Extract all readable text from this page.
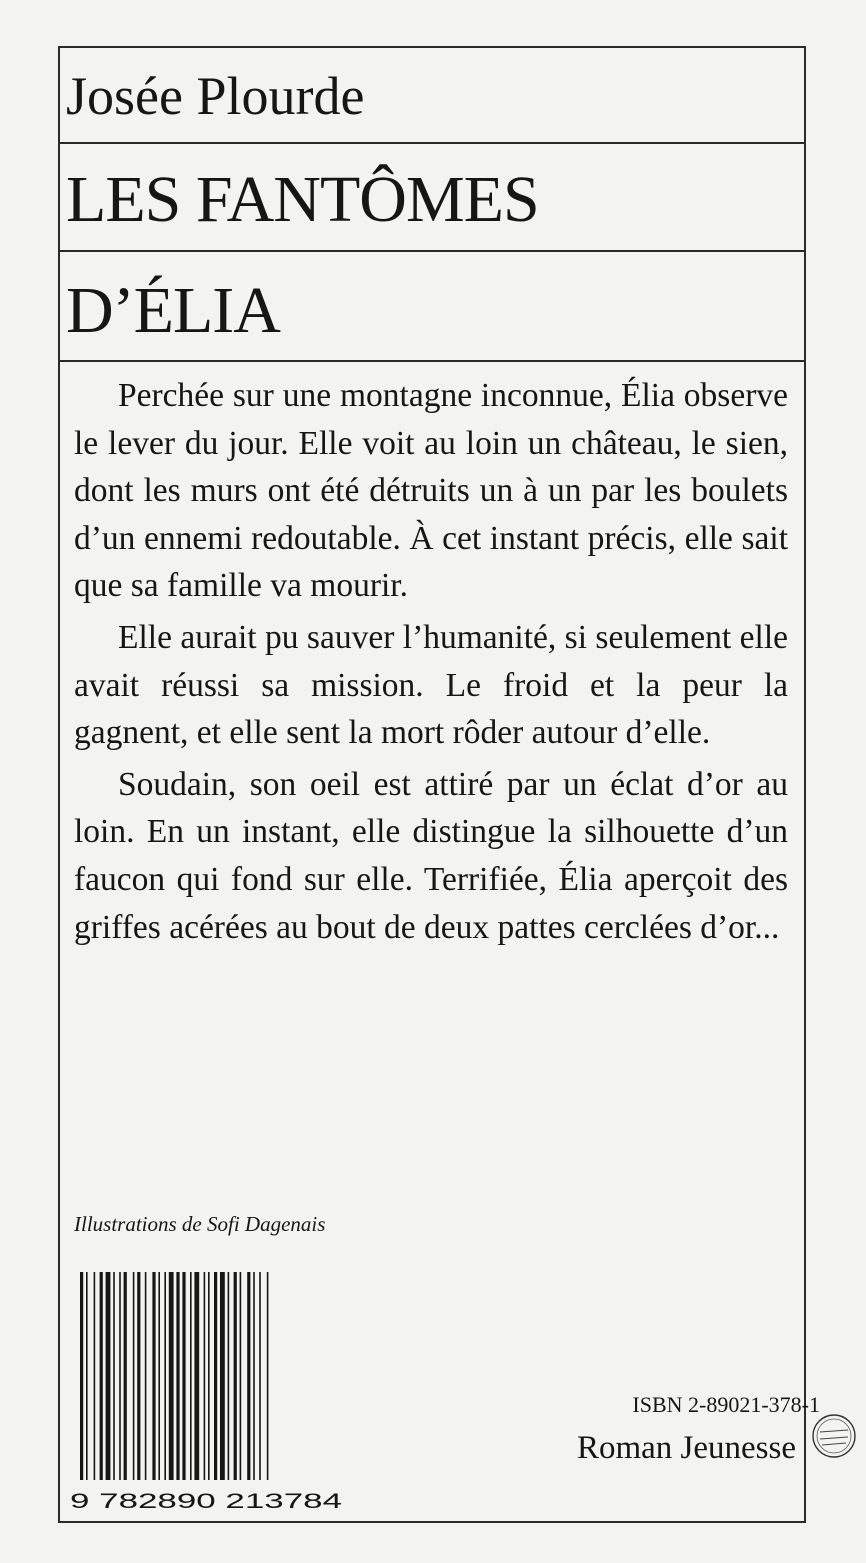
Josée Plourde
LES FANTÔMES
D’ÉLIA

Perchée sur une montagne inconnue, Élia observe le lever du jour. Elle voit au loin un château, le sien, dont les murs ont été détruits un à un par les boulets d’un ennemi redoutable. À cet instant précis, elle sait que sa famille va mourir.

Elle aurait pu sauver l’humanité, si seulement elle avait réussi sa mission. Le froid et la peur la gagnent, et elle sent la mort rôder autour d’elle.

Soudain, son oeil est attiré par un éclat d’or au loin. En un instant, elle distingue la silhouette d’un faucon qui fond sur elle. Terrifiée, Élia aperçoit des griffes acérées au bout de deux pattes cerclées d’or...

Illustrations de Sofi Dagenais
9 782890 213784
ISBN 2-89021-378-1
Roman Jeunesse
